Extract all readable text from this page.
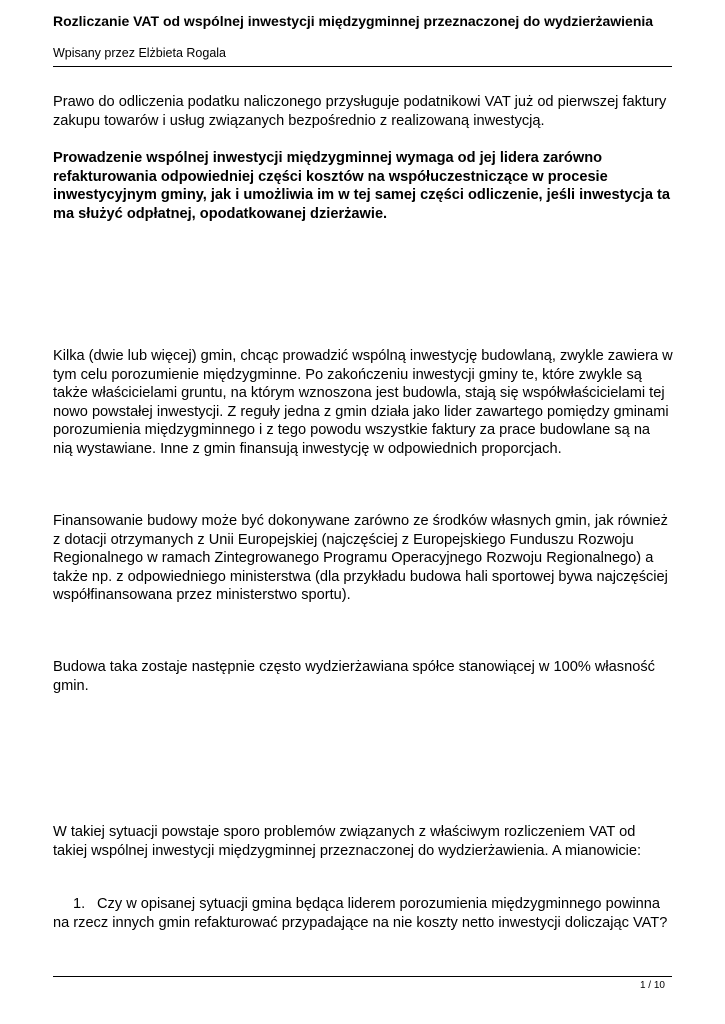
Rozliczanie VAT od wspólnej inwestycji międzygminnej przeznaczonej do wydzierżawienia
Wpisany przez Elżbieta Rogala
Prawo do odliczenia podatku naliczonego przysługuje podatnikowi VAT już od pierwszej faktury
zakupu towarów i usług związanych bezpośrednio z realizowaną inwestycją.
Prowadzenie wspólnej inwestycji międzygminnej wymaga od jej lidera zarówno
refakturowania odpowiedniej części kosztów na współuczestniczące w procesie
inwestycyjnym gminy, jak i umożliwia im w tej samej części odliczenie, jeśli inwestycja ta
ma służyć odpłatnej, opodatkowanej dzierżawie.
Kilka (dwie lub więcej) gmin, chcąc prowadzić wspólną inwestycję budowlaną, zwykle zawiera w
tym celu porozumienie międzygminne. Po zakończeniu inwestycji gminy te, które zwykle są
także właścicielami gruntu, na którym wznoszona jest budowla, stają się współwłaścicielami tej
nowo powstałej inwestycji. Z reguły jedna z gmin działa jako lider zawartego pomiędzy gminami
porozumienia międzygminnego i z tego powodu wszystkie faktury za prace budowlane są na
nią wystawiane. Inne z gmin finansują inwestycję w odpowiednich proporcjach.
Finansowanie budowy może być dokonywane zarówno ze środków własnych gmin, jak również
z dotacji otrzymanych z Unii Europejskiej (najczęściej z Europejskiego Funduszu Rozwoju
Regionalnego w ramach Zintegrowanego Programu Operacyjnego Rozwoju Regionalnego) a
także np. z odpowiedniego ministerstwa (dla przykładu budowa hali sportowej bywa najczęściej
współfinansowana przez ministerstwo sportu).
Budowa taka zostaje następnie często wydzierżawiana spółce stanowiącej w 100% własność
gmin.
W takiej sytuacji powstaje sporo problemów związanych z właściwym rozliczeniem VAT od
takiej wspólnej inwestycji międzygminnej przeznaczonej do wydzierżawienia. A mianowicie:
1. Czy w opisanej sytuacji gmina będąca liderem porozumienia międzygminnego powinna
na rzecz innych gmin refakturować przypadające na nie koszty netto inwestycji doliczając VAT?
1 / 10
